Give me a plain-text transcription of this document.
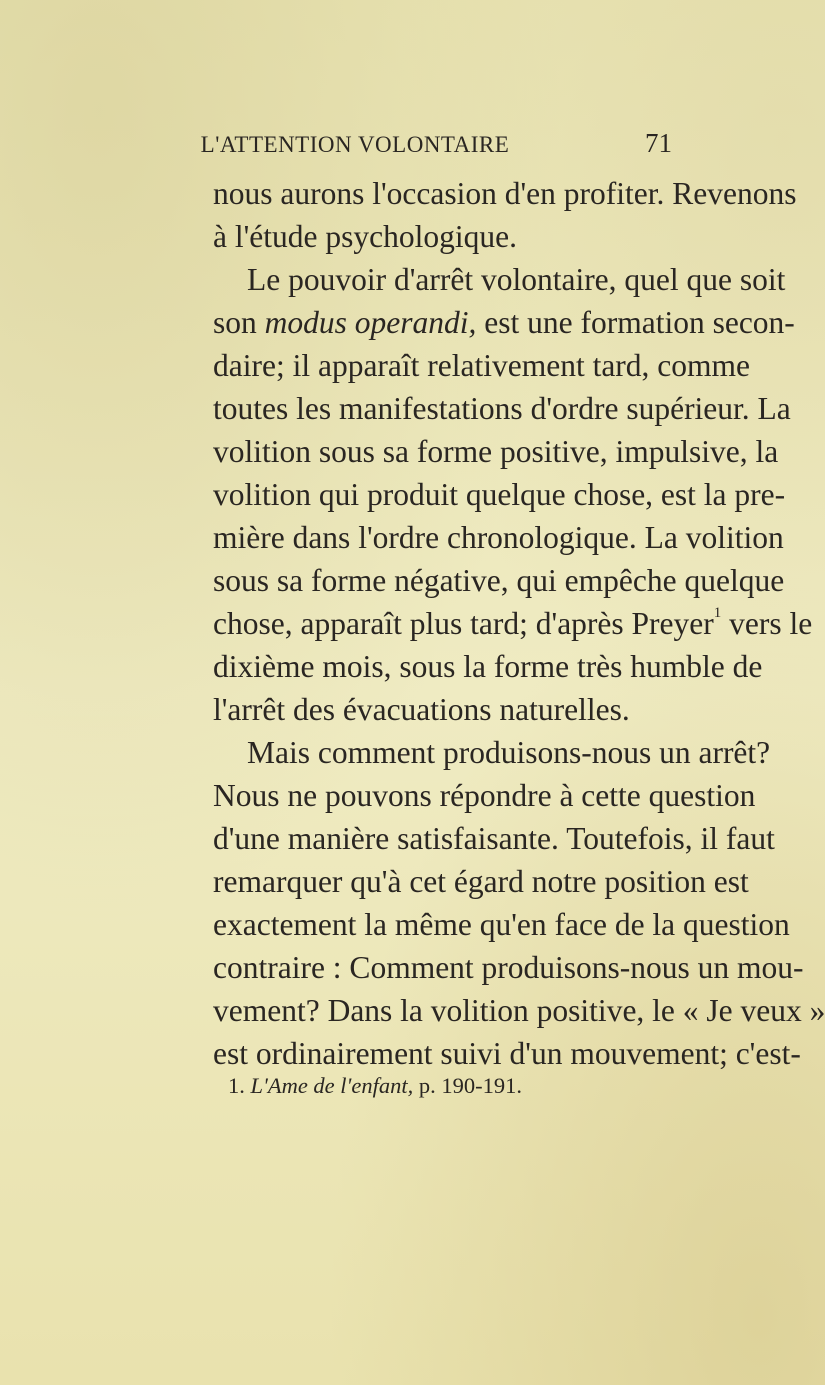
L'ATTENTION VOLONTAIRE	71
nous aurons l'occasion d'en profiter. Revenons
à l'étude psychologique.
Le pouvoir d'arrêt volontaire, quel que soit
son modus operandi, est une formation secon-
daire; il apparaît relativement tard, comme
toutes les manifestations d'ordre supérieur. La
volition sous sa forme positive, impulsive, la
volition qui produit quelque chose, est la pre-
mière dans l'ordre chronologique. La volition
sous sa forme négative, qui empêche quelque
chose, apparaît plus tard; d'après Preyer$^1$ vers le
dixième mois, sous la forme très humble de
l'arrêt des évacuations naturelles.
Mais comment produisons-nous un arrêt?
Nous ne pouvons répondre à cette question
d'une manière satisfaisante. Toutefois, il faut
remarquer qu'à cet égard notre position est
exactement la même qu'en face de la question
contraire : Comment produisons-nous un mou-
vement? Dans la volition positive, le « Je veux »
est ordinairement suivi d'un mouvement; c'est-
1. L'Ame de l'enfant, p. 190-191.
